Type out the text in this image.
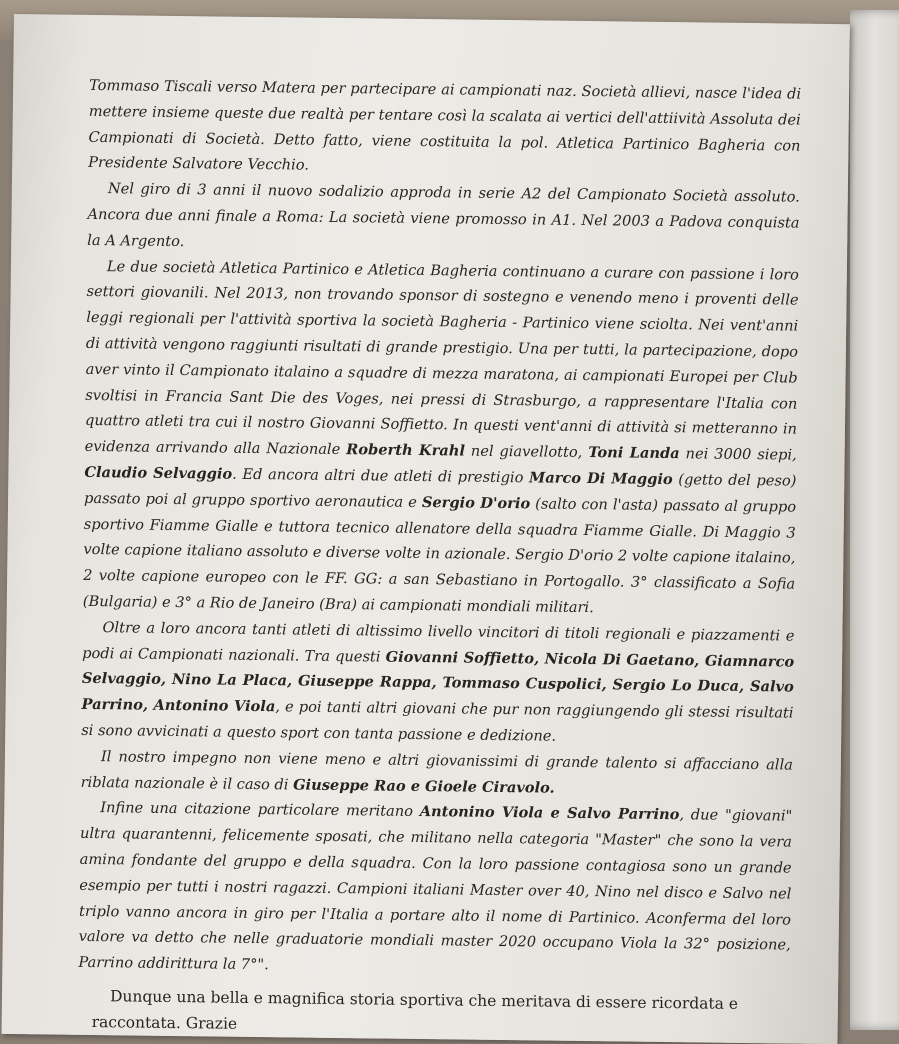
Tommaso Tiscali verso Matera per partecipare ai campionati naz. Società allievi, nasce l'idea di mettere insieme queste due realtà per tentare così la scalata ai vertici dell'attiività Assoluta dei Campionati di Società. Detto fatto, viene costituita la pol. Atletica Partinico Bagheria con Presidente Salvatore Vecchio.

Nel giro di 3 anni il nuovo sodalizio approda in serie A2 del Campionato Società assoluto. Ancora due anni finale a Roma: La società viene promosso in A1. Nel 2003 a Padova conquista la A Argento.

Le due società Atletica Partinico e Atletica Bagheria continuano a curare con passione i loro settori giovanili. Nel 2013, non trovando sponsor di sostegno e venendo meno i proventi delle leggi regionali per l'attività sportiva la società Bagheria - Partinico viene sciolta. Nei vent'anni di attività vengono raggiunti risultati di grande prestigio. Una per tutti, la partecipazione, dopo aver vinto il Campionato italaino a squadre di mezza maratona, ai campionati Europei per Club svoltisi in Francia Sant Die des Voges, nei pressi di Strasburgo, a rappresentare l'Italia con quattro atleti tra cui il nostro Giovanni Soffietto. In questi vent'anni di attività si metteranno in evidenza arrivando alla Nazionale Roberth Krahl nel giavellotto, Toni Landa nei 3000 siepi, Claudio Selvaggio. Ed ancora altri due atleti di prestigio Marco Di Maggio (getto del peso) passato poi al gruppo sportivo aeronautica e Sergio D'orio (salto con l'asta) passato al gruppo sportivo Fiamme Gialle e tuttora tecnico allenatore della squadra Fiamme Gialle. Di Maggio 3 volte capione italiano assoluto e diverse volte in azionale. Sergio D'orio 2 volte capione italaino, 2 volte capione europeo con le FF. GG: a san Sebastiano in Portogallo. 3° classificato a Sofia (Bulgaria) e 3° a Rio de Janeiro (Bra) ai campionati mondiali militari.

Oltre a loro ancora tanti atleti di altissimo livello vincitori di titoli regionali e piazzamenti e podi ai Campionati nazionali. Tra questi Giovanni Soffietto, Nicola Di Gaetano, Giamnarco Selvaggio, Nino La Placa, Giuseppe Rappa, Tommaso Cuspolici, Sergio Lo Duca, Salvo Parrino, Antonino Viola, e poi tanti altri giovani che pur non raggiungendo gli stessi risultati si sono avvicinati a questo sport con tanta passione e dedizione.

Il nostro impegno non viene meno e altri giovanissimi di grande talento si affacciano alla riblata nazionale è il caso di Giuseppe Rao e Gioele Ciravolo.

Infine una citazione particolare meritano Antonino Viola e Salvo Parrino, due "giovani" ultra quarantenni, felicemente sposati, che militano nella categoria "Master" che sono la vera amina fondante del gruppo e della squadra. Con la loro passione contagiosa sono un grande esempio per tutti i nostri ragazzi. Campioni italiani Master over 40, Nino nel disco e Salvo nel triplo vanno ancora in giro per l'Italia a portare alto il nome di Partinico. Aconferma del loro valore va detto che nelle graduatorie mondiali master 2020 occupano Viola la 32° posizione, Parrino addirittura la 7°".

Dunque una bella e magnifica storia sportiva che meritava di essere ricordata e raccontata. Grazie
